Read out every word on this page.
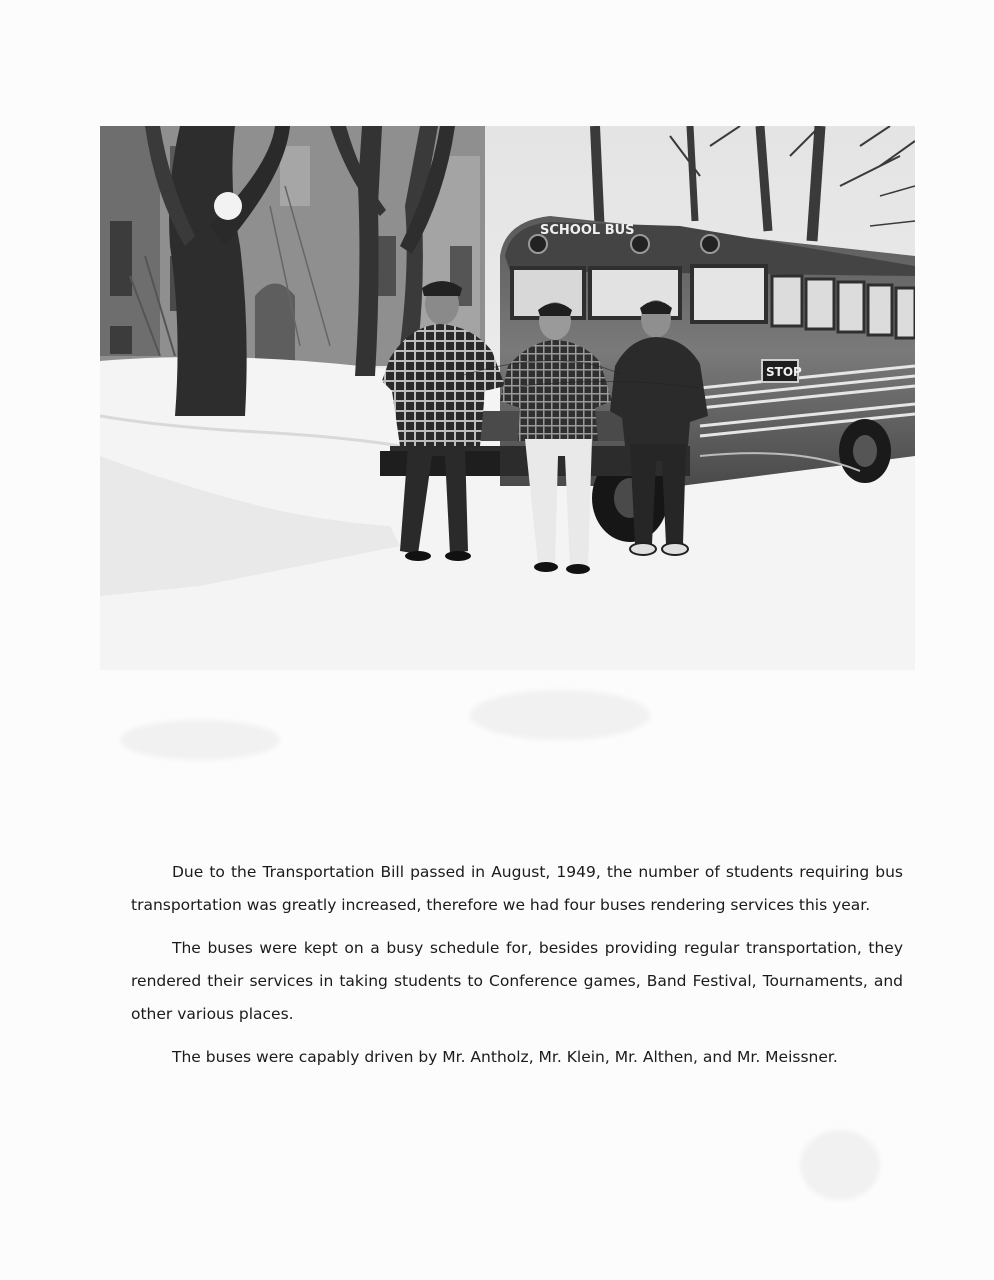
SCHOOL BUS
STOP

Due to the Transportation Bill passed in August, 1949, the number of students requiring bus transportation was greatly increased, therefore we had four buses rendering services this year.

The buses were kept on a busy schedule for, besides providing regular transportation, they rendered their services in taking students to Conference games, Band Festival, Tournaments, and other various places.

The buses were capably driven by Mr. Antholz, Mr. Klein, Mr. Althen, and Mr. Meissner.
